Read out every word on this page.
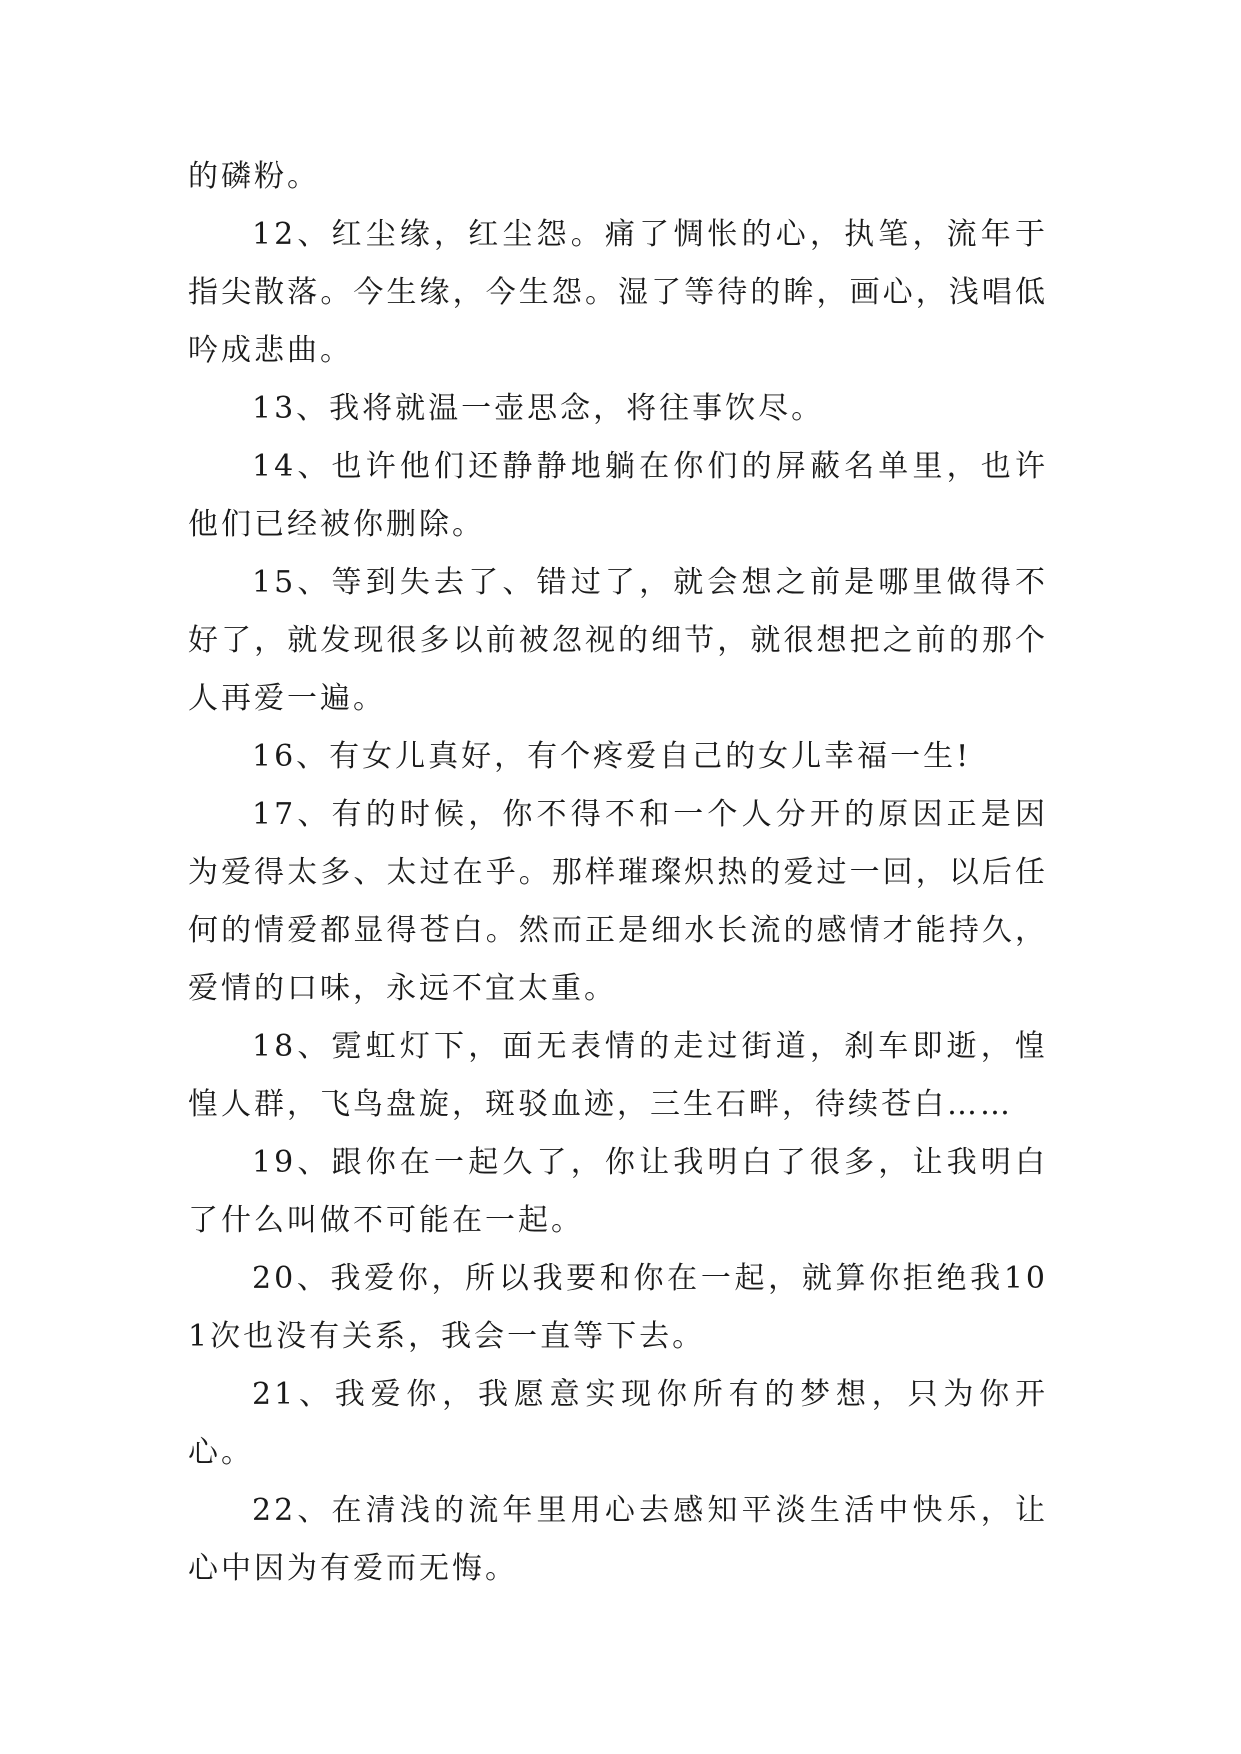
的磷粉。

12、红尘缘，红尘怨。痛了惆怅的心，执笔，流年于指尖散落。今生缘，今生怨。湿了等待的眸，画心，浅唱低吟成悲曲。

13、我将就温一壶思念，将往事饮尽。

14、也许他们还静静地躺在你们的屏蔽名单里，也许他们已经被你删除。

15、等到失去了、错过了，就会想之前是哪里做得不好了，就发现很多以前被忽视的细节，就很想把之前的那个人再爱一遍。

16、有女儿真好，有个疼爱自己的女儿幸福一生!

17、有的时候，你不得不和一个人分开的原因正是因为爱得太多、太过在乎。那样璀璨炽热的爱过一回，以后任何的情爱都显得苍白。然而正是细水长流的感情才能持久，爱情的口味，永远不宜太重。

18、霓虹灯下，面无表情的走过街道，刹车即逝，惶惶人群，飞鸟盘旋，斑驳血迹，三生石畔，待续苍白……

19、跟你在一起久了，你让我明白了很多，让我明白了什么叫做不可能在一起。

20、我爱你，所以我要和你在一起，就算你拒绝我101次也没有关系，我会一直等下去。

21、我爱你，我愿意实现你所有的梦想，只为你开心。

22、在清浅的流年里用心去感知平淡生活中快乐，让心中因为有爱而无悔。
